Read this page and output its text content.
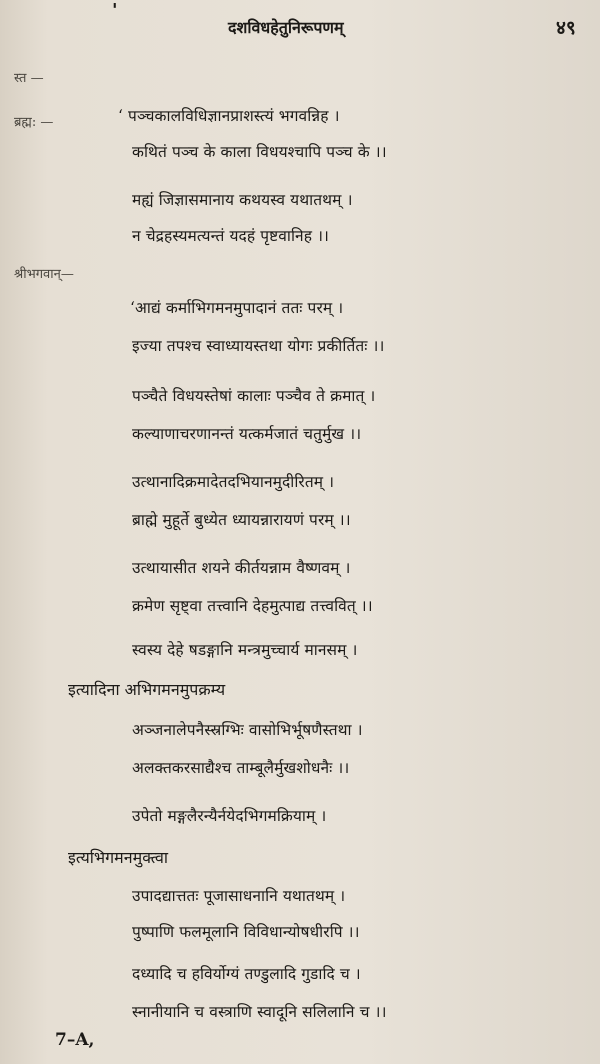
'
दशविधहेतुनिरूपणम्	४९
स्त —
ब्रह्म: —
श्रीभगवान्—
‘ पञ्चकालविधिज्ञानप्राशस्त्यं भगवन्निह ।
कथितं पञ्च के काला विधयश्चापि पञ्च के ।।
मह्यं जिज्ञासमानाय कथयस्व यथातथम् ।
न चेद्रहस्यमत्यन्तं यदहं पृष्टवानिह ।।
‘आद्यं कर्माभिगमनमुपादानं ततः परम् ।
इज्या तपश्च स्वाध्यायस्तथा योगः प्रकीर्तितः ।।
पञ्चैते विधयस्तेषां कालाः पञ्चैव ते क्रमात् ।
कल्याणाचरणानन्तं यत्कर्मजातं चतुर्मुख ।।
उत्थानादिक्रमादेतदभियानमुदीरितम् ।
ब्राह्मे मुहूर्ते बुध्येत ध्यायन्नारायणं परम् ।।
उत्थायासीत शयने कीर्तयन्नाम वैष्णवम् ।
क्रमेण सृष्ट्वा तत्त्वानि देहमुत्पाद्य तत्त्ववित् ।।
स्वस्य देहे षडङ्गानि मन्त्रमुच्चार्य मानसम् ।
इत्यादिना अभिगमनमुपक्रम्य
अञ्जनालेपनैस्स्रग्भिः वासोभिर्भूषणैस्तथा ।
अलक्तकरसाद्यैश्च ताम्बूलैर्मुखशोधनैः ।।
उपेतो मङ्गलैरन्यैर्नयेदभिगमक्रियाम् ।
इत्यभिगमनमुक्त्वा
उपादद्यात्ततः पूजासाधनानि यथातथम् ।
पुष्पाणि फलमूलानि विविधान्योषधीरपि ।।
दध्यादि च हविर्योग्यं तण्डुलादि गुडादि च ।
स्नानीयानि च वस्त्राणि स्वादूनि सलिलानि च ।।
7–A,
